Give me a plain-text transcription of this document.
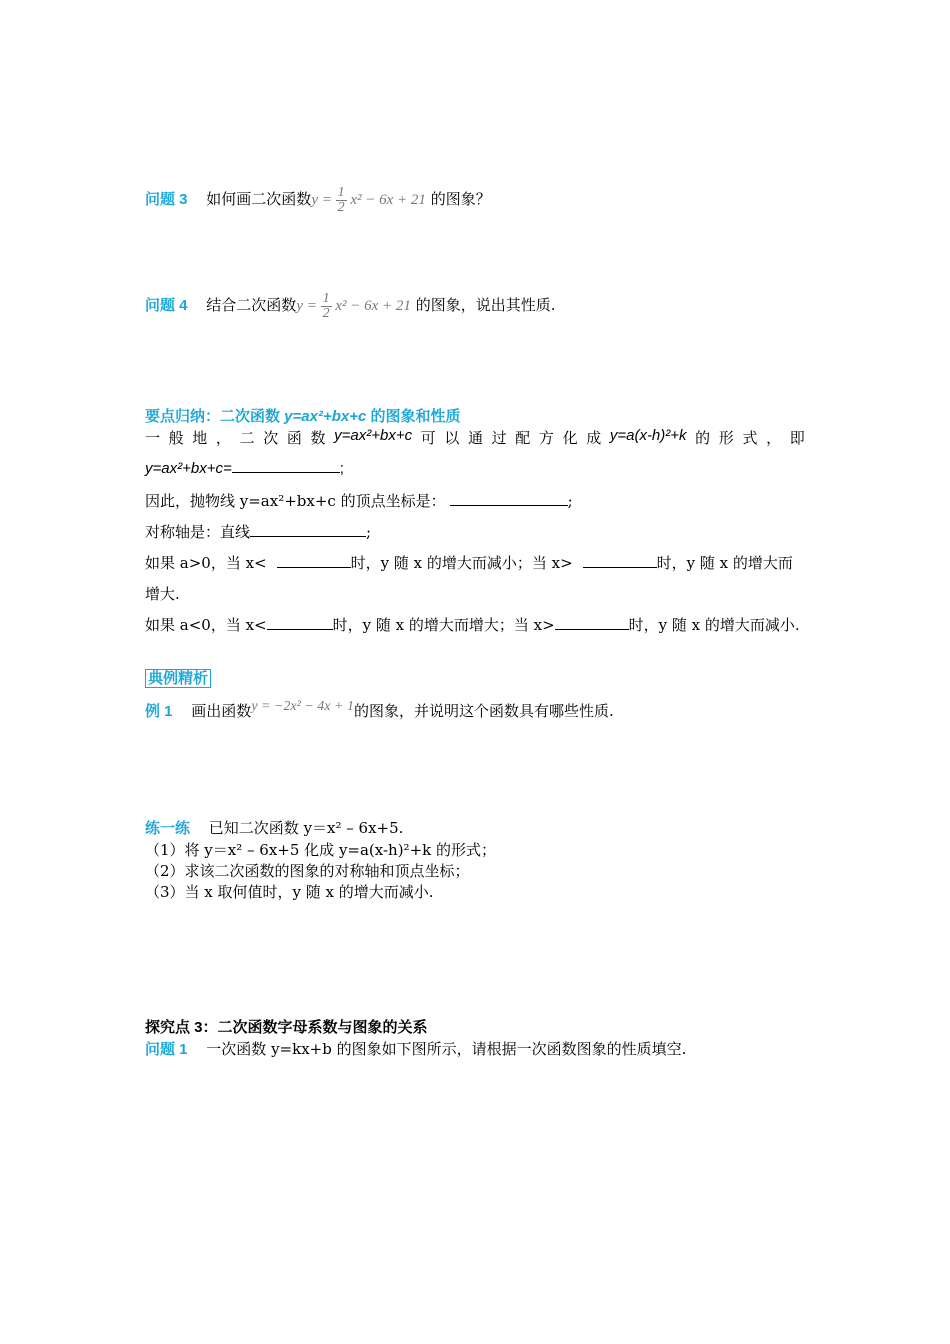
问题 3 如何画二次函数$y = \frac{1}{2} x^2 - 6x + 21$ 的图象？
问题 4 结合二次函数$y = \frac{1}{2} x^2 - 6x + 21$ 的图象，说出其性质.
要点归纳：二次函数 y=ax²+bx+c 的图象和性质
一 般 地 ， 二 次 函 数 y=ax²+bx+c 可 以 通 过 配 方 化 成 y=a(x-h)²+k 的 形 式 ， 即
y=ax²+bx+c=	;
因此，抛物线 y=ax²+bx+c 的顶点坐标是：	;
对称轴是：直线	;
如果 a>0，当 x<	时，y 随 x 的增大而减小；当 x>	时，y 随 x 的增大而
增大.
如果 a<0，当 x<	时，y 随 x 的增大而增大；当 x>	时，y 随 x 的增大而减小.
典例精析
例 1 画出函数y = −2x² − 4x + 1的图象，并说明这个函数具有哪些性质.
练一练 已知二次函数 y＝x² – 6x+5.
（1）将 y＝x² – 6x+5 化成 y=a(x-h)²+k 的形式；
（2）求该二次函数的图象的对称轴和顶点坐标；
（3）当 x 取何值时，y 随 x 的增大而减小.
探究点 3：二次函数字母系数与图象的关系
问题 1 一次函数 y=kx+b 的图象如下图所示，请根据一次函数图象的性质填空.
